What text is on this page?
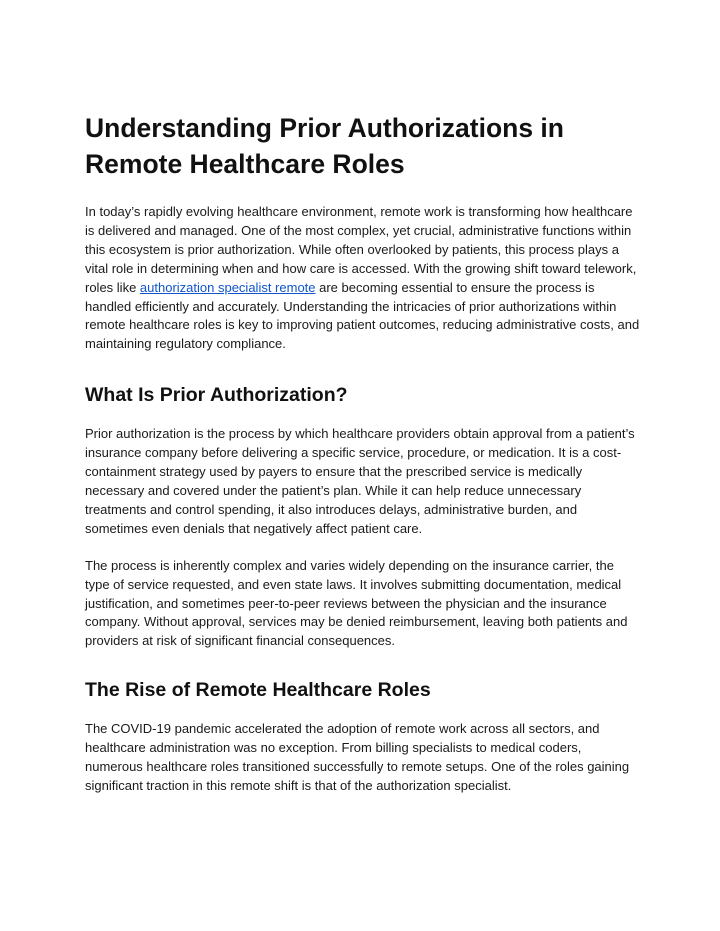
Understanding Prior Authorizations in Remote Healthcare Roles

In today’s rapidly evolving healthcare environment, remote work is transforming how healthcare is delivered and managed. One of the most complex, yet crucial, administrative functions within this ecosystem is prior authorization. While often overlooked by patients, this process plays a vital role in determining when and how care is accessed. With the growing shift toward telework, roles like authorization specialist remote are becoming essential to ensure the process is handled efficiently and accurately. Understanding the intricacies of prior authorizations within remote healthcare roles is key to improving patient outcomes, reducing administrative costs, and maintaining regulatory compliance.

What Is Prior Authorization?

Prior authorization is the process by which healthcare providers obtain approval from a patient’s insurance company before delivering a specific service, procedure, or medication. It is a cost-containment strategy used by payers to ensure that the prescribed service is medically necessary and covered under the patient’s plan. While it can help reduce unnecessary treatments and control spending, it also introduces delays, administrative burden, and sometimes even denials that negatively affect patient care.

The process is inherently complex and varies widely depending on the insurance carrier, the type of service requested, and even state laws. It involves submitting documentation, medical justification, and sometimes peer-to-peer reviews between the physician and the insurance company. Without approval, services may be denied reimbursement, leaving both patients and providers at risk of significant financial consequences.

The Rise of Remote Healthcare Roles

The COVID-19 pandemic accelerated the adoption of remote work across all sectors, and healthcare administration was no exception. From billing specialists to medical coders, numerous healthcare roles transitioned successfully to remote setups. One of the roles gaining significant traction in this remote shift is that of the authorization specialist.
